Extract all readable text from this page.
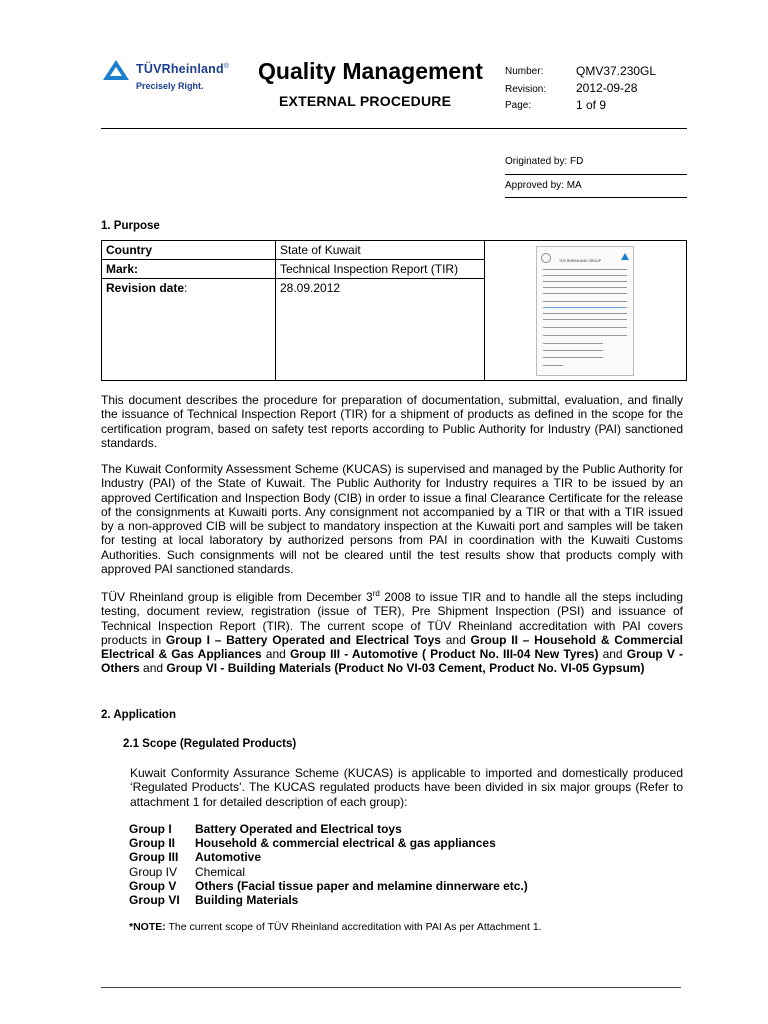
TÜVRheinland®
Precisely Right.
Quality Management
EXTERNAL PROCEDURE
Number:	QMV37.230GL
Revision: 2012-09-28
Page:	1 of 9
Originated by: FD
Approved by: MA
1. Purpose
Country	State of Kuwait	
Mark:	Technical Inspection Report (TIR)	
Revision date:	28.09.2012	
TÜV RHEINLAND GROUP

This document describes the procedure for preparation of documentation, submittal, evaluation, and finally the issuance of Technical Inspection Report (TIR) for a shipment of products as defined in the scope for the certification program, based on safety test reports according to Public Authority for Industry (PAI) sanctioned standards.

The Kuwait Conformity Assessment Scheme (KUCAS) is supervised and managed by the Public Authority for Industry (PAI) of the State of Kuwait. The Public Authority for Industry requires a TIR to be issued by an approved Certification and Inspection Body (CIB) in order to issue a final Clearance Certificate for the release of the consignments at Kuwaiti ports. Any consignment not accompanied by a TIR or that with a TIR issued by a non-approved CIB will be subject to mandatory inspection at the Kuwaiti port and samples will be taken for testing at local laboratory by authorized persons from PAI in coordination with the Kuwaiti Customs Authorities. Such consignments will not be cleared until the test results show that products comply with approved PAI sanctioned standards.

TÜV Rheinland group is eligible from December 3rd 2008 to issue TIR and to handle all the steps including testing, document review, registration (issue of TER), Pre Shipment Inspection (PSI) and issuance of Technical Inspection Report (TIR). The current scope of TÜV Rheinland accreditation with PAI covers products in Group I – Battery Operated and Electrical Toys and Group II – Household & Commercial Electrical & Gas Appliances and Group III - Automotive ( Product No. III-04 New Tyres) and Group V - Others and Group VI - Building Materials (Product No VI-03 Cement, Product No. VI-05 Gypsum)

2. Application
2.1 Scope (Regulated Products)

Kuwait Conformity Assurance Scheme (KUCAS) is applicable to imported and domestically produced ‘Regulated Products’. The KUCAS regulated products have been divided in six major groups (Refer to attachment 1 for detailed description of each group):

Group I	Battery Operated and Electrical toys
Group II	Household & commercial electrical & gas appliances
Group III	Automotive
Group IV	Chemical
Group V	Others (Facial tissue paper and melamine dinnerware etc.)
Group VI	Building Materials
*NOTE: The current scope of TÜV Rheinland accreditation with PAI As per Attachment 1.
